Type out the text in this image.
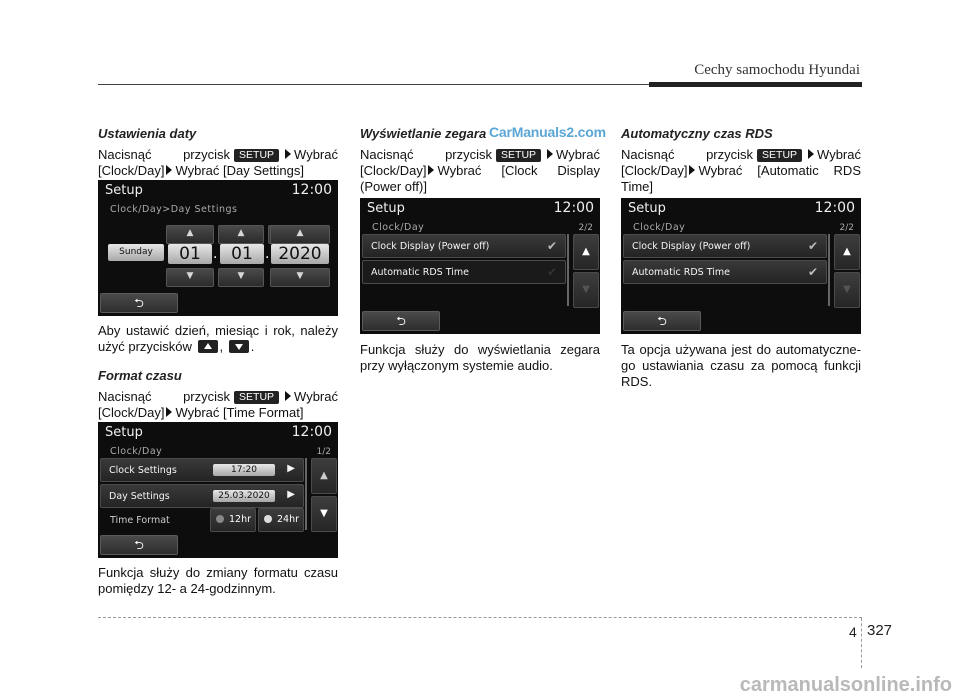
Cechy samochodu Hyundai
Ustawienia daty

Nacisnąć przycisk SETUP Wybrać [Clock/Day] Wybrać [Day Settings]

Setup	12:00
Clock/Day>Day Settings
▲	▲
▲
Sunday	01 . 01 . 2020
▼	▼	▼
⮌

Aby ustawić dzień, miesiąc i rok, należy użyć przycisków , .

Format czasu

Nacisnąć przycisk SETUP Wybrać [Clock/Day] Wybrać [Time Format]

Setup	12:00
Clock/Day	1/2
Clock Settings	17:20	▶
Day Settings	25.03.2020	▶
Time Format	12hr	24hr
▲
▼
⮌

Funkcja służy do zmiany formatu czasu pomiędzy 12- a 24-godzinnym.

Wyświetlanie zegara

Nacisnąć przycisk SETUP Wybrać [Clock/Day] Wybrać [Clock Display (Power off)]

Setup	12:00
Clock/Day	2/2
Clock Display (Power off)	✔
Automatic RDS Time	✔
▲
▼
⮌

Funkcja służy do wyświetlania zegara przy wyłączonym systemie audio.

Automatyczny czas RDS

Nacisnąć przycisk SETUP Wybrać [Clock/Day] Wybrać [Automatic RDS Time]

Setup	12:00
Clock/Day	2/2
Clock Display (Power off)	✔
Automatic RDS Time	✔
▲
▼
⮌

Ta opcja używana jest do automatyczne-go ustawiania czasu za pomocą funkcji RDS.

CarManuals2.com
4 327
carmanualsonline.info
